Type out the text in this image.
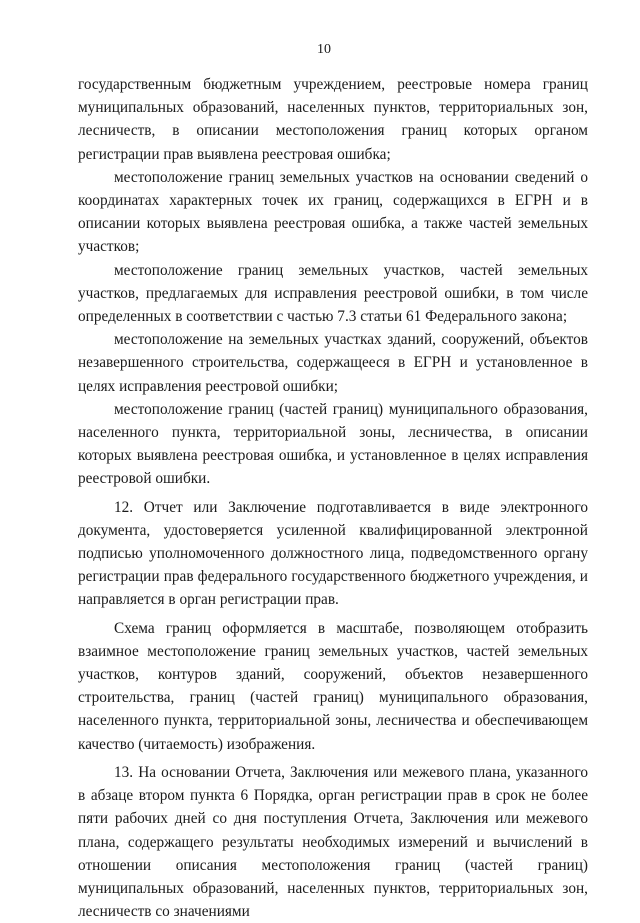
10

государственным бюджетным учреждением, реестровые номера границ муниципальных образований, населенных пунктов, территориальных зон, лесничеств, в описании местоположения границ которых органом регистрации прав выявлена реестровая ошибка;

местоположение границ земельных участков на основании сведений о координатах характерных точек их границ, содержащихся в ЕГРН и в описании которых выявлена реестровая ошибка, а также частей земельных участков;

местоположение границ земельных участков, частей земельных участков, предлагаемых для исправления реестровой ошибки, в том числе определенных в соответствии с частью 7.3 статьи 61 Федерального закона;

местоположение на земельных участках зданий, сооружений, объектов незавершенного строительства, содержащееся в ЕГРН и установленное в целях исправления реестровой ошибки;

местоположение границ (частей границ) муниципального образования, населенного пункта, территориальной зоны, лесничества, в описании которых выявлена реестровая ошибка, и установленное в целях исправления реестровой ошибки.

12. Отчет или Заключение подготавливается в виде электронного документа, удостоверяется усиленной квалифицированной электронной подписью уполномоченного должностного лица, подведомственного органу регистрации прав федерального государственного бюджетного учреждения, и направляется в орган регистрации прав.

Схема границ оформляется в масштабе, позволяющем отобразить взаимное местоположение границ земельных участков, частей земельных участков, контуров зданий, сооружений, объектов незавершенного строительства, границ (частей границ) муниципального образования, населенного пункта, территориальной зоны, лесничества и обеспечивающем качество (читаемость) изображения.

13. На основании Отчета, Заключения или межевого плана, указанного в абзаце втором пункта 6 Порядка, орган регистрации прав в срок не более пяти рабочих дней со дня поступления Отчета, Заключения или межевого плана, содержащего результаты необходимых измерений и вычислений в отношении описания местоположения границ (частей границ) муниципальных образований, населенных пунктов, территориальных зон, лесничеств со значениями
